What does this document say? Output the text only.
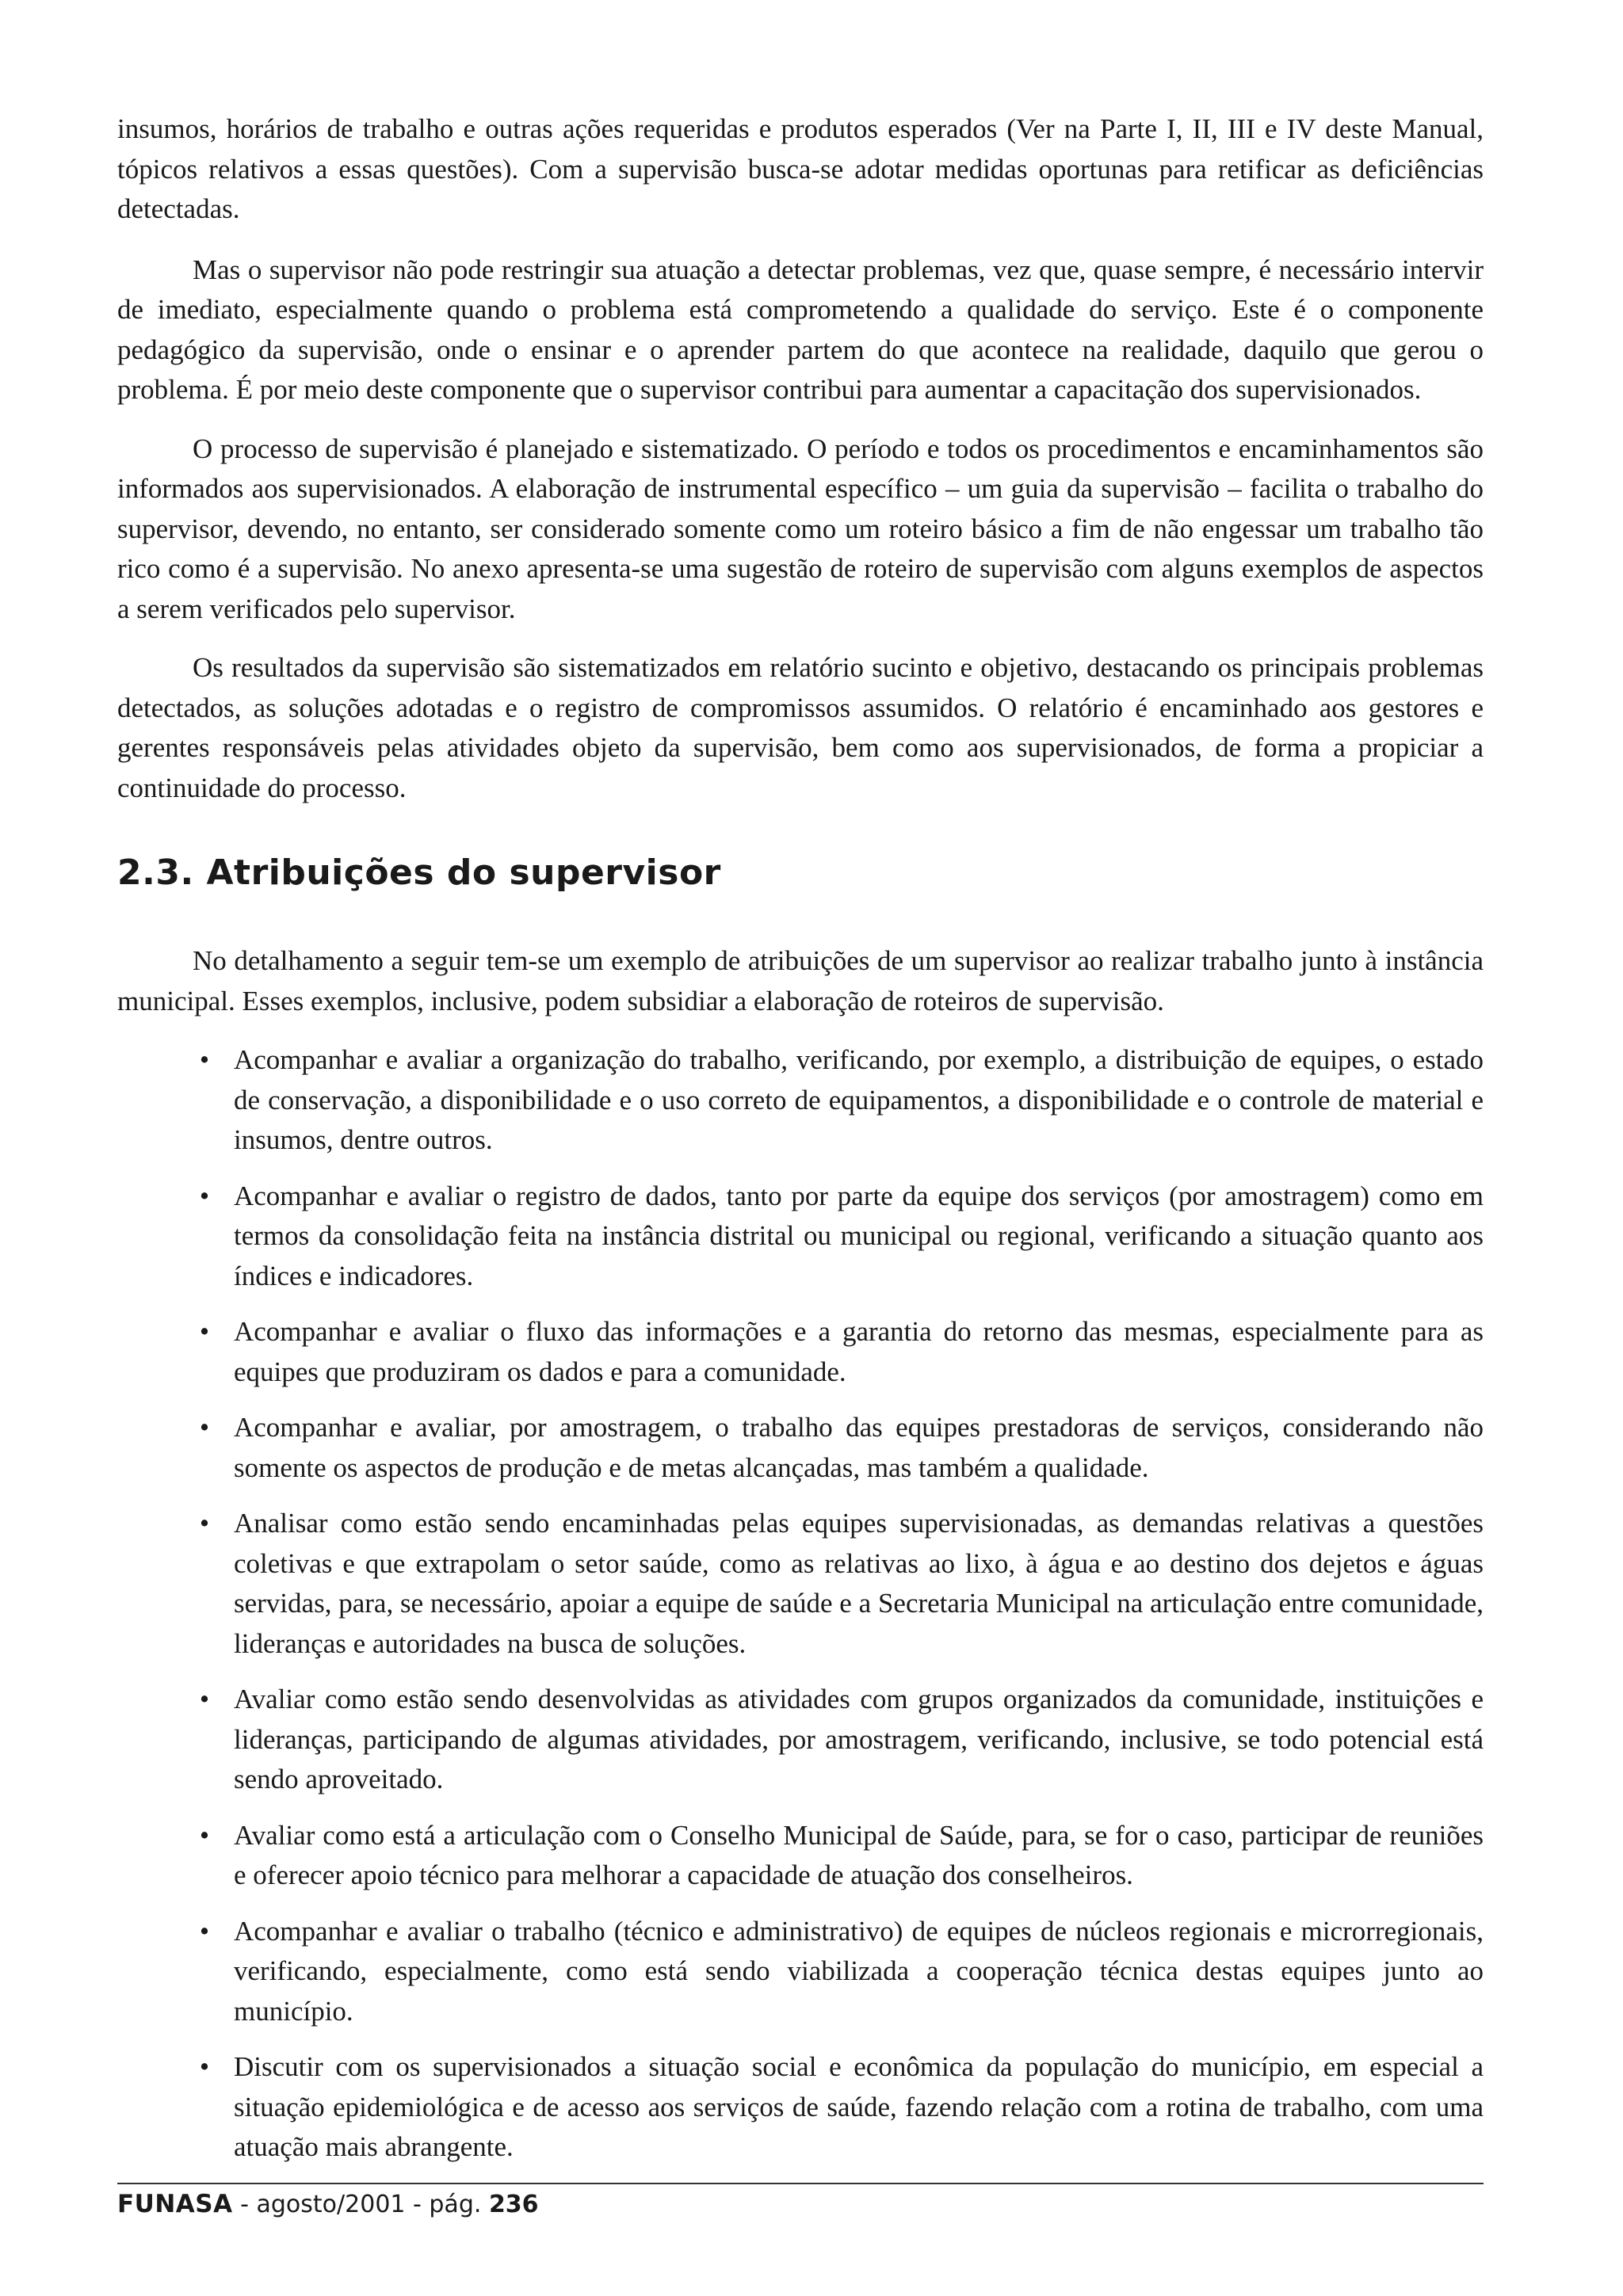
insumos, horários de trabalho e outras ações requeridas e produtos esperados (Ver na Parte I, II, III e IV deste Manual, tópicos relativos a essas questões). Com a supervisão busca-se adotar medidas oportunas para retificar as deficiências detectadas.

Mas o supervisor não pode restringir sua atuação a detectar problemas, vez que, quase sempre, é necessário intervir de imediato, especialmente quando o problema está comprometendo a qualidade do serviço. Este é o componente pedagógico da supervisão, onde o ensinar e o aprender partem do que acontece na realidade, daquilo que gerou o problema. É por meio deste componente que o supervisor contribui para aumentar a capacitação dos supervisionados.

O processo de supervisão é planejado e sistematizado. O período e todos os procedimentos e encaminhamentos são informados aos supervisionados. A elaboração de instrumental específico – um guia da supervisão – facilita o trabalho do supervisor, devendo, no entanto, ser considerado somente como um roteiro básico a fim de não engessar um trabalho tão rico como é a supervisão. No anexo apresenta-se uma sugestão de roteiro de supervisão com alguns exemplos de aspectos a serem verificados pelo supervisor.

Os resultados da supervisão são sistematizados em relatório sucinto e objetivo, destacando os principais problemas detectados, as soluções adotadas e o registro de compromissos assumidos. O relatório é encaminhado aos gestores e gerentes responsáveis pelas atividades objeto da supervisão, bem como aos supervisionados, de forma a propiciar a continuidade do processo.

2.3. Atribuições do supervisor

No detalhamento a seguir tem-se um exemplo de atribuições de um supervisor ao realizar trabalho junto à instância municipal. Esses exemplos, inclusive, podem subsidiar a elaboração de roteiros de supervisão.

• Acompanhar e avaliar a organização do trabalho, verificando, por exemplo, a distribuição de equipes, o estado de conservação, a disponibilidade e o uso correto de equipamentos, a disponibilidade e o controle de material e insumos, dentre outros.
• Acompanhar e avaliar o registro de dados, tanto por parte da equipe dos serviços (por amostragem) como em termos da consolidação feita na instância distrital ou municipal ou regional, verificando a situação quanto aos índices e indicadores.
• Acompanhar e avaliar o fluxo das informações e a garantia do retorno das mesmas, especialmente para as equipes que produziram os dados e para a comunidade.
• Acompanhar e avaliar, por amostragem, o trabalho das equipes prestadoras de serviços, considerando não somente os aspectos de produção e de metas alcançadas, mas também a qualidade.
• Analisar como estão sendo encaminhadas pelas equipes supervisionadas, as demandas relativas a questões coletivas e que extrapolam o setor saúde, como as relativas ao lixo, à água e ao destino dos dejetos e águas servidas, para, se necessário, apoiar a equipe de saúde e a Secretaria Municipal na articulação entre comunidade, lideranças e autoridades na busca de soluções.
• Avaliar como estão sendo desenvolvidas as atividades com grupos organizados da comunidade, instituições e lideranças, participando de algumas atividades, por amostragem, verificando, inclusive, se todo potencial está sendo aproveitado.
• Avaliar como está a articulação com o Conselho Municipal de Saúde, para, se for o caso, participar de reuniões e oferecer apoio técnico para melhorar a capacidade de atuação dos conselheiros.
• Acompanhar e avaliar o trabalho (técnico e administrativo) de equipes de núcleos regionais e microrregionais, verificando, especialmente, como está sendo viabilizada a cooperação técnica destas equipes junto ao município.
• Discutir com os supervisionados a situação social e econômica da população do município, em especial a situação epidemiológica e de acesso aos serviços de saúde, fazendo relação com a rotina de trabalho, com uma atuação mais abrangente.
FUNASA - agosto/2001 - pág. 236
